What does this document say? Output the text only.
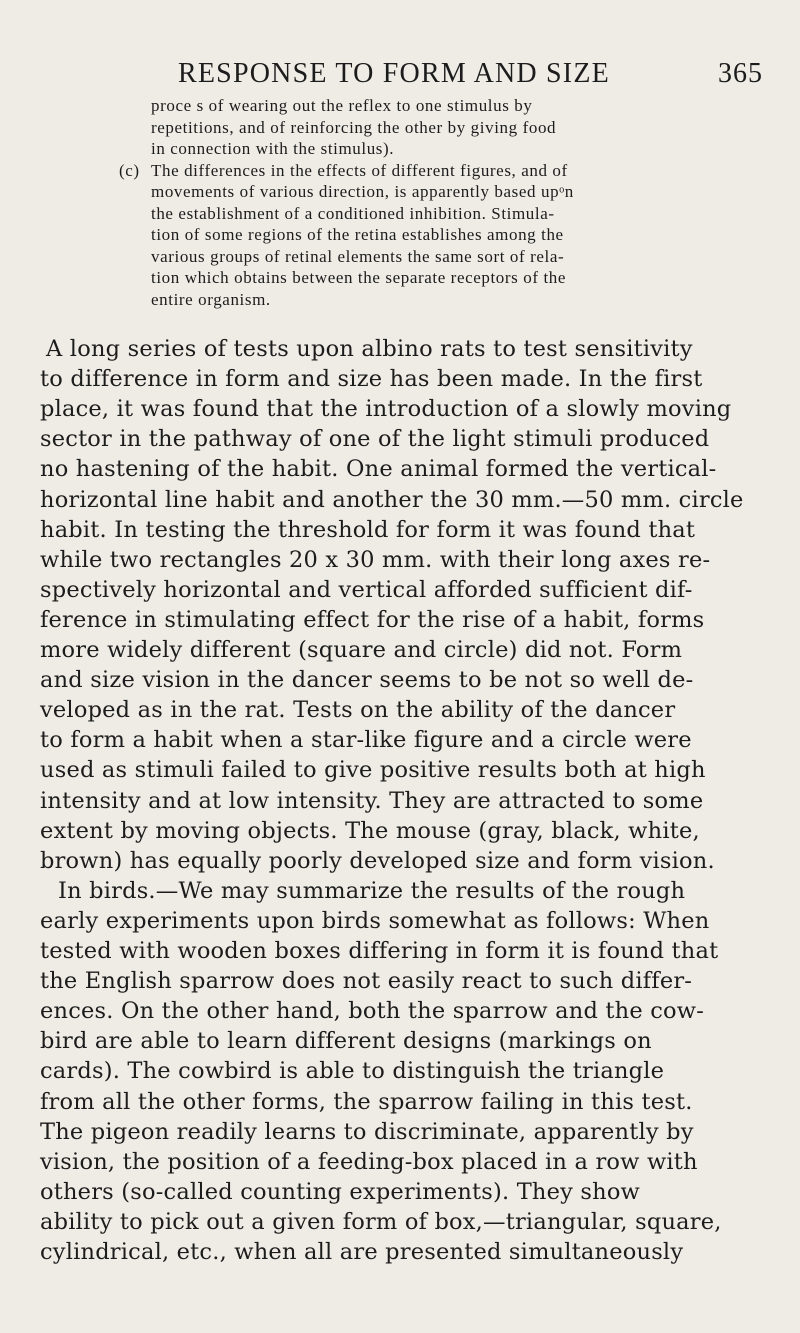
RESPONSE TO FORM AND SIZE	365
proce s of wearing out the reflex to one stimulus by
repetitions, and of reinforcing the other by giving food
in connection with the stimulus).
(c) The differences in the effects of different figures, and of
movements of various direction, is apparently based upᵒn
the establishment of a conditioned inhibition. Stimula-
tion of some regions of the retina establishes among the
various groups of retinal elements the same sort of rela-
tion which obtains between the separate receptors of the
entire organism.
A long series of tests upon albino rats to test sensitivity
to difference in form and size has been made. In the first
place, it was found that the introduction of a slowly moving
sector in the pathway of one of the light stimuli produced
no hastening of the habit. One animal formed the vertical-
horizontal line habit and another the 30 mm.—50 mm. circle
habit. In testing the threshold for form it was found that
while two rectangles 20 x 30 mm. with their long axes re-
spectively horizontal and vertical afforded sufficient dif-
ference in stimulating effect for the rise of a habit, forms
more widely different (square and circle) did not. Form
and size vision in the dancer seems to be not so well de-
veloped as in the rat. Tests on the ability of the dancer
to form a habit when a star-like figure and a circle were
used as stimuli failed to give positive results both at high
intensity and at low intensity. They are attracted to some
extent by moving objects. The mouse (gray, black, white,
brown) has equally poorly developed size and form vision.
In birds.—We may summarize the results of the rough
early experiments upon birds somewhat as follows: When
tested with wooden boxes differing in form it is found that
the English sparrow does not easily react to such differ-
ences. On the other hand, both the sparrow and the cow-
bird are able to learn different designs (markings on
cards). The cowbird is able to distinguish the triangle
from all the other forms, the sparrow failing in this test.
The pigeon readily learns to discriminate, apparently by
vision, the position of a feeding-box placed in a row with
others (so-called counting experiments). They show
ability to pick out a given form of box,—triangular, square,
cylindrical, etc., when all are presented simultaneously
